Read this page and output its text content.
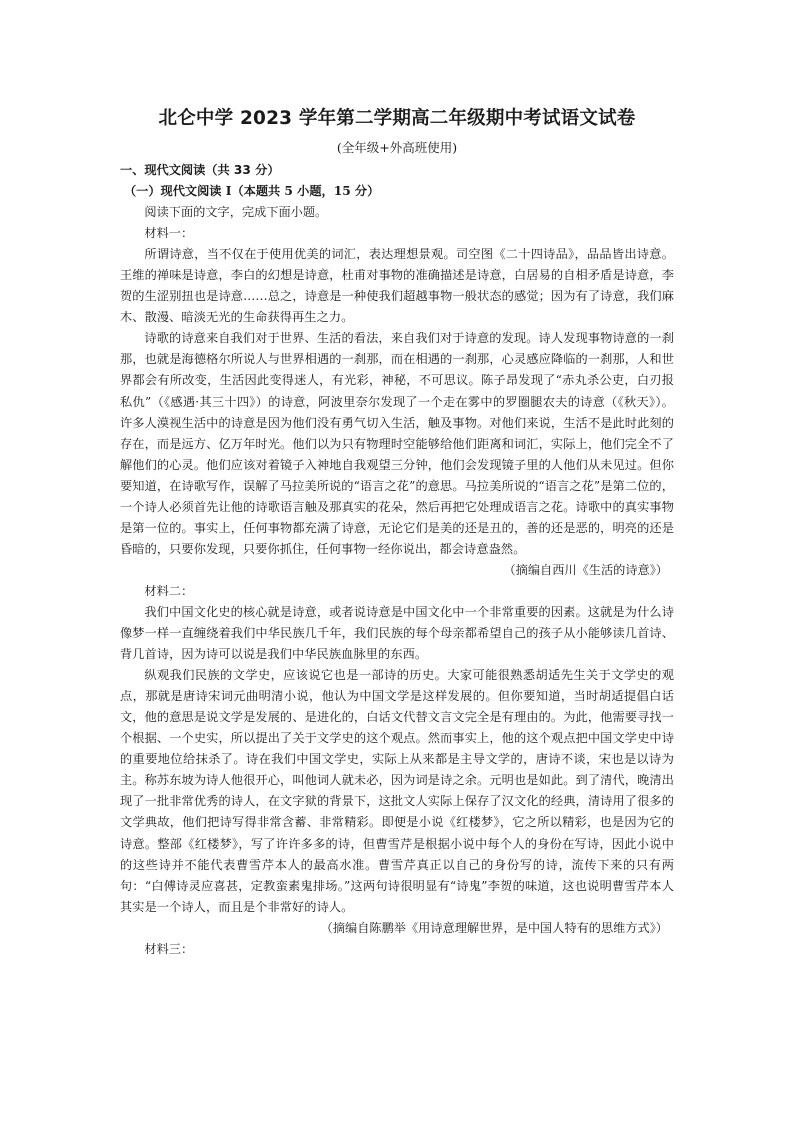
北仑中学 2023 学年第二学期高二年级期中考试语文试卷
(全年级+外高班使用)

一、现代文阅读（共 33 分）

（一）现代文阅读 I（本题共 5 小题，15 分）

阅读下面的文字，完成下面小题。

材料一：

所谓诗意，当不仅在于使用优美的词汇，表达理想景观。司空图《二十四诗品》，品品皆出诗意。王维的禅味是诗意，李白的幻想是诗意，杜甫对事物的准确描述是诗意，白居易的自相矛盾是诗意，李贺的生涩别扭也是诗意……总之，诗意是一种使我们超越事物一般状态的感觉；因为有了诗意，我们麻木、散漫、暗淡无光的生命获得再生之力。

诗歌的诗意来自我们对于世界、生活的看法，来自我们对于诗意的发现。诗人发现事物诗意的一刹那，也就是海德格尔所说人与世界相遇的一刹那，而在相遇的一刹那，心灵感应降临的一刹那，人和世界都会有所改变，生活因此变得迷人，有光彩，神秘，不可思议。陈子昂发现了“赤丸杀公吏，白刃报私仇”（《感遇·其三十四》）的诗意，阿波里奈尔发现了一个走在雾中的罗圈腿农夫的诗意（《秋天》）。许多人漠视生活中的诗意是因为他们没有勇气切入生活，触及事物。对他们来说，生活不是此时此刻的存在，而是远方、亿万年时光。他们以为只有物理时空能够给他们距离和词汇，实际上，他们完全不了解他们的心灵。他们应该对着镜子入神地自我观望三分钟，他们会发现镜子里的人他们从未见过。但你要知道，在诗歌写作，误解了马拉美所说的“语言之花”的意思。马拉美所说的“语言之花”是第二位的，一个诗人必须首先让他的诗歌语言触及那真实的花朵，然后再把它处理成语言之花。诗歌中的真实事物是第一位的。事实上，任何事物都充满了诗意，无论它们是美的还是丑的，善的还是恶的，明亮的还是昏暗的，只要你发现，只要你抓住，任何事物一经你说出，都会诗意盎然。

（摘编自西川《生活的诗意》）

材料二：

我们中国文化史的核心就是诗意，或者说诗意是中国文化中一个非常重要的因素。这就是为什么诗像梦一样一直缠绕着我们中华民族几千年，我们民族的每个母亲都希望自己的孩子从小能够读几首诗、背几首诗，因为诗可以说是我们中华民族血脉里的东西。

纵观我们民族的文学史，应该说它也是一部诗的历史。大家可能很熟悉胡适先生关于文学史的观点，那就是唐诗宋词元曲明清小说，他认为中国文学是这样发展的。但你要知道，当时胡适提倡白话文，他的意思是说文学是发展的、是进化的，白话文代替文言文完全是有理由的。为此，他需要寻找一个根据、一个史实，所以提出了关于文学史的这个观点。然而事实上，他的这个观点把中国文学史中诗的重要地位给抹杀了。诗在我们中国文学史，实际上从来都是主导文学的，唐诗不谈，宋也是以诗为主。称苏东坡为诗人他很开心，叫他词人就未必，因为词是诗之余。元明也是如此。到了清代，晚清出现了一批非常优秀的诗人，在文字狱的背景下，这批文人实际上保存了汉文化的经典，清诗用了很多的文学典故，他们把诗写得非常含蓄、非常精彩。即便是小说《红楼梦》，它之所以精彩，也是因为它的诗意。整部《红楼梦》，写了许许多多的诗，但曹雪芹是根据小说中每个人的身份在写诗，因此小说中的这些诗并不能代表曹雪芹本人的最高水准。曹雪芹真正以自己的身份写的诗，流传下来的只有两句：“白傅诗灵应喜甚，定教蛮素鬼排场。”这两句诗很明显有“诗鬼”李贺的味道，这也说明曹雪芹本人其实是一个诗人，而且是个非常好的诗人。

（摘编自陈鹏举《用诗意理解世界，是中国人特有的思维方式》）

材料三：
